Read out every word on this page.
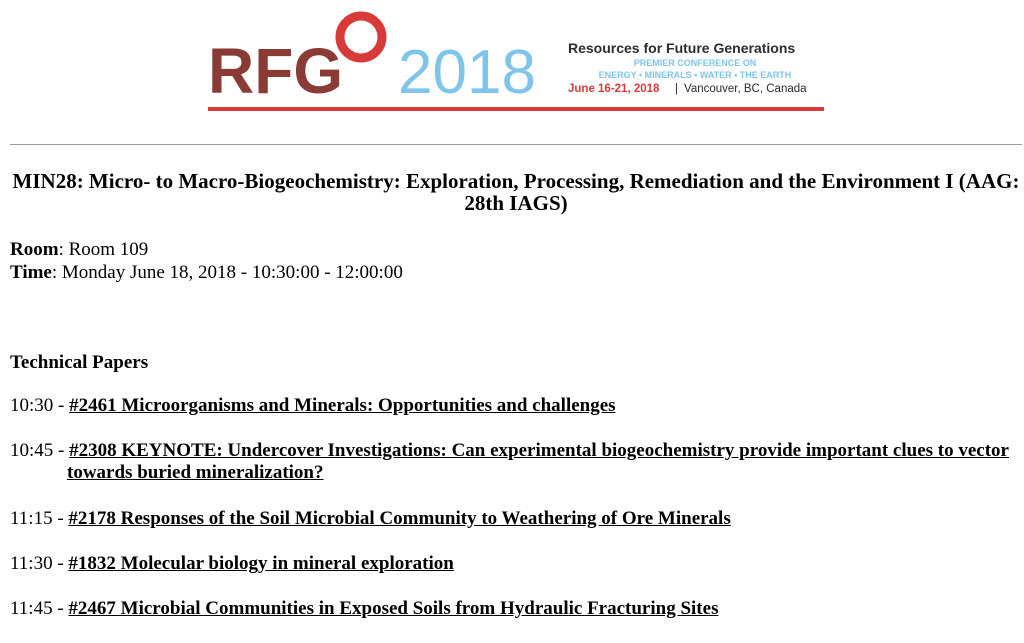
RFG 2018 Resources for Future Generations
PREMIER CONFERENCE ON
ENERGY • MINERALS • WATER • THE EARTH
June 16-21, 2018 | Vancouver, BC, Canada
MIN28: Micro- to Macro-Biogeochemistry: Exploration, Processing, Remediation and the Environment I (AAG: 28th IAGS)
Room: Room 109
Time: Monday June 18, 2018 - 10:30:00 - 12:00:00
Technical Papers
10:30 - #2461 Microorganisms and Minerals: Opportunities and challenges
10:45 - #2308 KEYNOTE: Undercover Investigations: Can experimental biogeochemistry provide important clues to vector towards buried mineralization?
11:15 - #2178 Responses of the Soil Microbial Community to Weathering of Ore Minerals
11:30 - #1832 Molecular biology in mineral exploration
11:45 - #2467 Microbial Communities in Exposed Soils from Hydraulic Fracturing Sites
